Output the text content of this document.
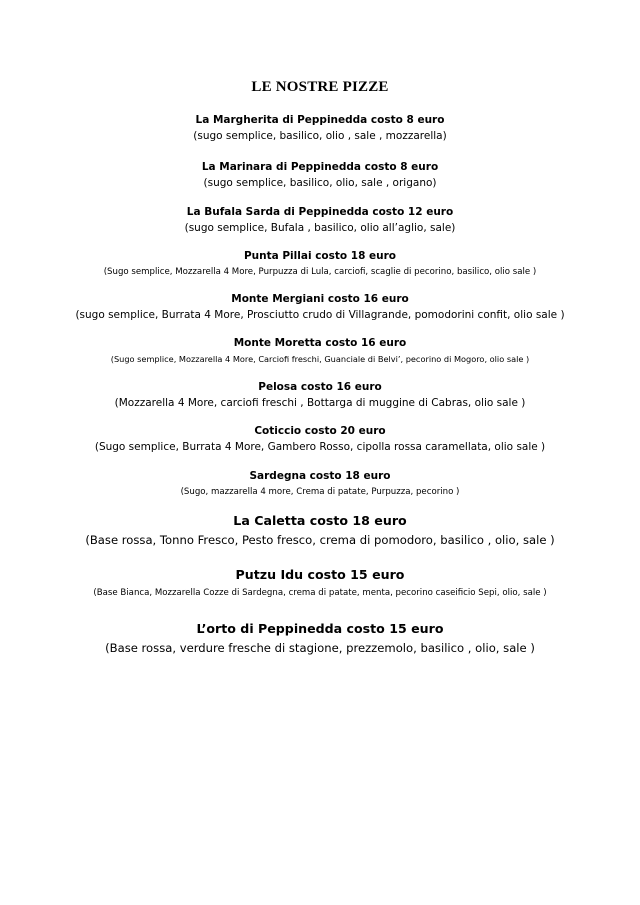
LE NOSTRE PIZZE
La Margherita di Peppinedda costo 8 euro
(sugo semplice, basilico, olio , sale , mozzarella)
La Marinara di Peppinedda costo 8 euro
(sugo semplice, basilico, olio, sale , origano)
La Bufala Sarda di Peppinedda costo 12 euro
(sugo semplice, Bufala , basilico, olio all’aglio, sale)
Punta Pillai costo 18 euro
(Sugo semplice, Mozzarella 4 More, Purpuzza di Lula, carciofi, scaglie di pecorino, basilico, olio sale )
Monte Mergiani costo 16 euro
(sugo semplice, Burrata 4 More, Prosciutto crudo di Villagrande, pomodorini confit, olio sale )
Monte Moretta costo 16 euro
(Sugo semplice, Mozzarella 4 More, Carciofi freschi, Guanciale di Belvi’, pecorino di Mogoro, olio sale )
Pelosa costo 16 euro
(Mozzarella 4 More, carciofi freschi , Bottarga di muggine di Cabras, olio sale )
Coticcio costo 20 euro
(Sugo semplice, Burrata 4 More, Gambero Rosso, cipolla rossa caramellata, olio sale )
Sardegna costo 18 euro
(Sugo, mazzarella 4 more, Crema di patate, Purpuzza, pecorino )
La Caletta costo 18 euro
(Base rossa, Tonno Fresco, Pesto fresco, crema di pomodoro, basilico , olio, sale )
Putzu Idu costo 15 euro
(Base Bianca, Mozzarella Cozze di Sardegna, crema di patate, menta, pecorino caseificio Sepi, olio, sale )
L’orto di Peppinedda costo 15 euro
(Base rossa, verdure fresche di stagione, prezzemolo, basilico , olio, sale )
